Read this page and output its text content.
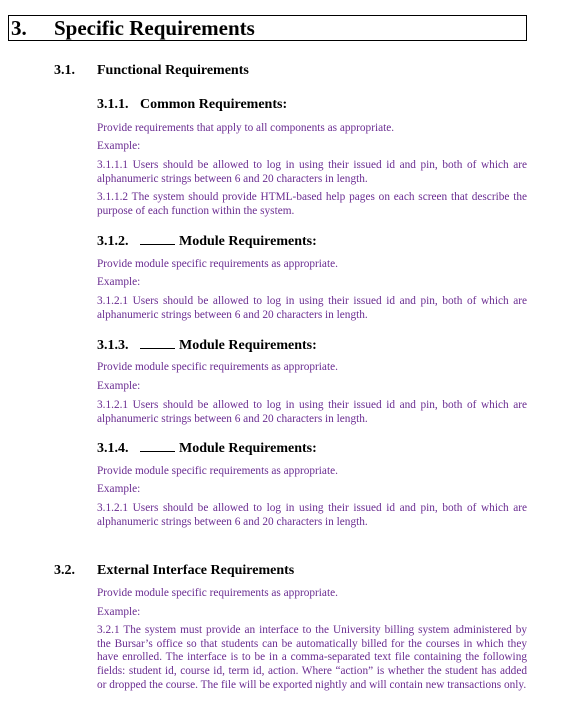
3. Specific Requirements
3.1. Functional Requirements
3.1.1. Common Requirements:
Provide requirements that apply to all components as appropriate.
Example:
3.1.1.1 Users should be allowed to log in using their issued id and pin, both of which are alphanumeric strings between 6 and 20 characters in length.
3.1.1.2 The system should provide HTML-based help pages on each screen that describe the purpose of each function within the system.
3.1.2.	Module Requirements:
Provide module specific requirements as appropriate.
Example:
3.1.2.1 Users should be allowed to log in using their issued id and pin, both of which are alphanumeric strings between 6 and 20 characters in length.
3.1.3.	Module Requirements:
Provide module specific requirements as appropriate.
Example:
3.1.2.1 Users should be allowed to log in using their issued id and pin, both of which are alphanumeric strings between 6 and 20 characters in length.
3.1.4.	Module Requirements:
Provide module specific requirements as appropriate.
Example:
3.1.2.1 Users should be allowed to log in using their issued id and pin, both of which are alphanumeric strings between 6 and 20 characters in length.
3.2. External Interface Requirements
Provide module specific requirements as appropriate.
Example:
3.2.1 The system must provide an interface to the University billing system administered by the Bursar’s office so that students can be automatically billed for the courses in which they have enrolled. The interface is to be in a comma-separated text file containing the following fields: student id, course id, term id, action. Where “action” is whether the student has added or dropped the course. The file will be exported nightly and will contain new transactions only.
